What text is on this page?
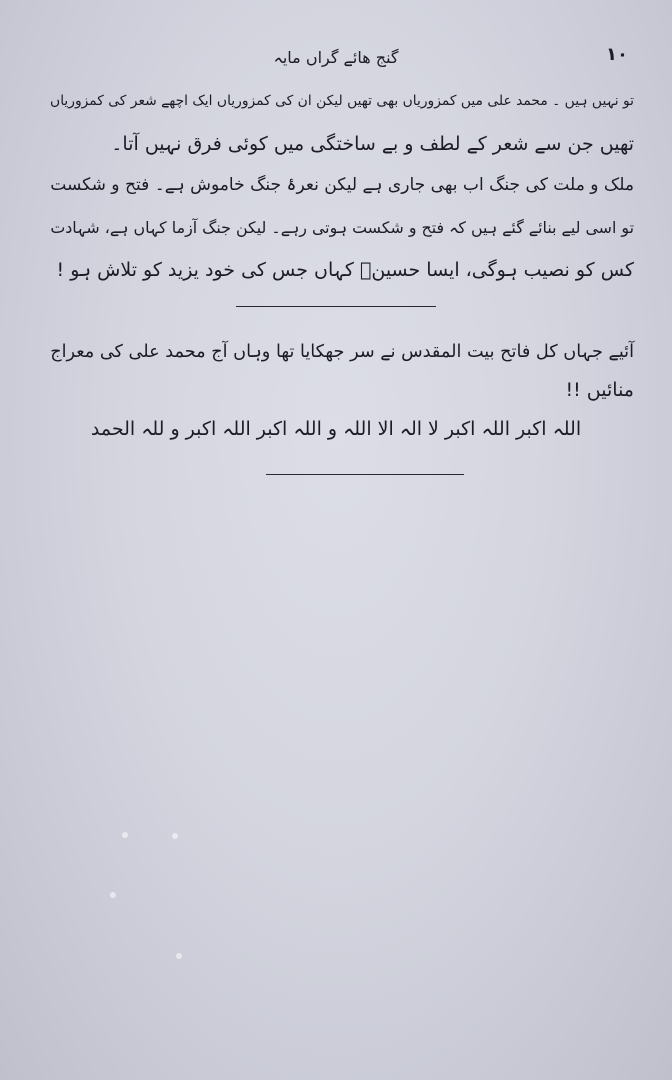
گنج ھائے گراں مایہ	۱۰
تو نہیں ہیں ۔ محمد علی میں کمزوریاں بھی تھیں لیکن ان کی کمزوریاں ایک اچھے شعر کی کمزوریاں
تھیں جن سے شعر کے لطف و بے ساختگی میں کوئی فرق نہیں آتا۔
ملک و ملت کی جنگ اب بھی جاری ہے لیکن نعرۂ جنگ خاموش ہے۔ فتح و شکست
تو اسی لیے بنائے گئے ہیں کہ فتح و شکست ہوتی رہے۔ لیکن جنگ آزما کہاں ہے، شہادت
کس کو نصیب ہوگی، ایسا حسینؓ کہاں جس کی خود یزید کو تلاش ہو !
آئیے جہاں کل فاتح بیت المقدس نے سر جھکایا تھا وہاں آج محمد علی کی معراج
منائیں !!
اللہ اکبر اللہ اکبر لا الہ الا اللہ و اللہ اکبر اللہ اکبر و للہ الحمد
